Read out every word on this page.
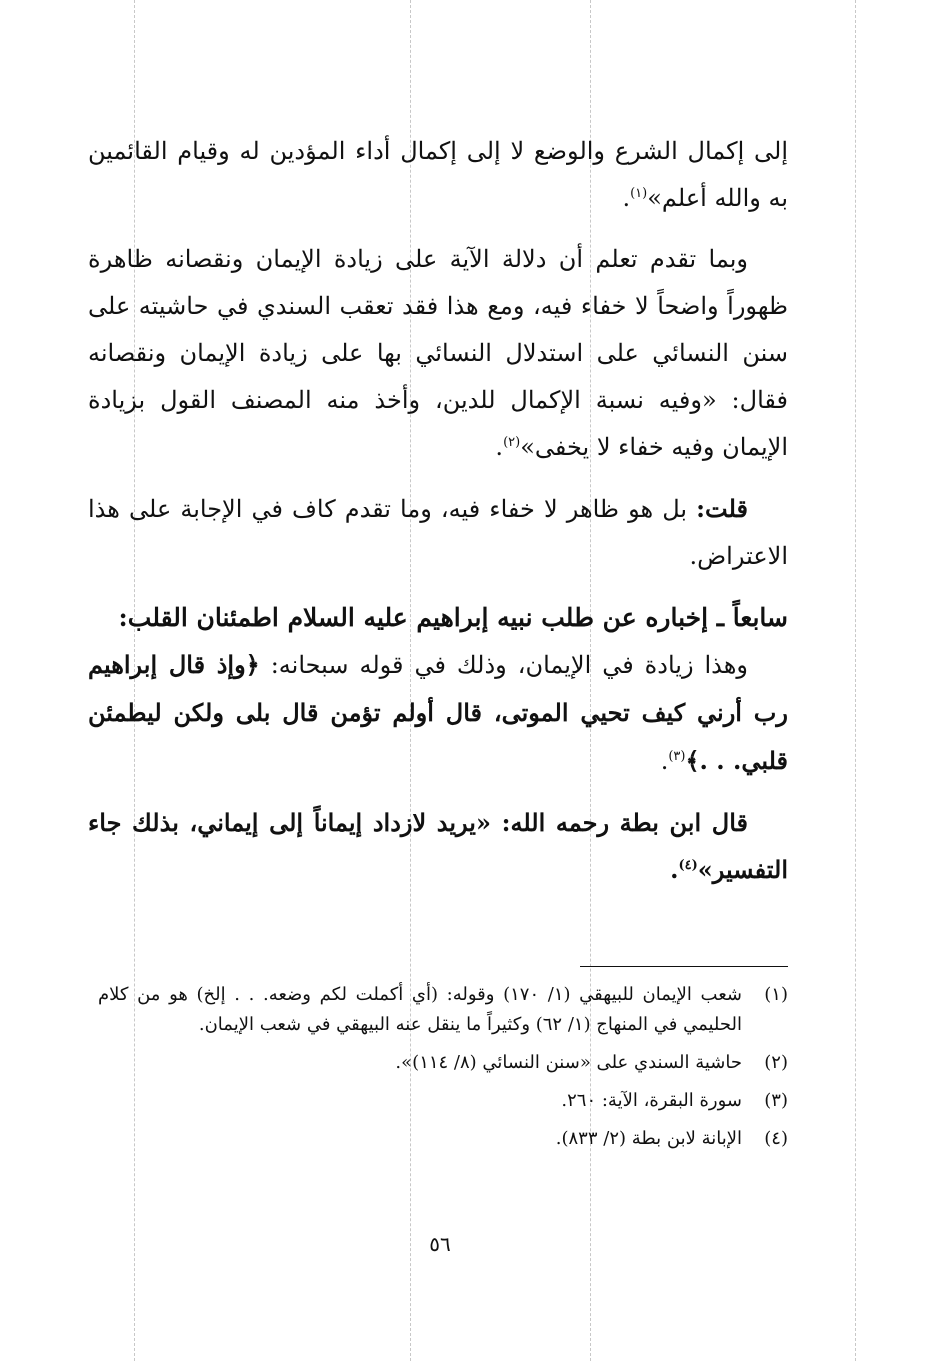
إلى إكمال الشرع والوضع لا إلى إكمال أداء المؤدين له وقيام القائمين به والله أعلم»$^{(١)}$.

وبما تقدم تعلم أن دلالة الآية على زيادة الإيمان ونقصانه ظاهرة ظهوراً واضحاً لا خفاء فيه، ومع هذا فقد تعقب السندي في حاشيته على سنن النسائي على استدلال النسائي بها على زيادة الإيمان ونقصانه فقال: «وفيه نسبة الإكمال للدين، وأخذ منه المصنف القول بزيادة الإيمان وفيه خفاء لا يخفى»$^{(٢)}$.

قلت: بل هو ظاهر لا خفاء فيه، وما تقدم كاف في الإجابة على هذا الاعتراض.

سابعاً ـ إخباره عن طلب نبيه إبراهيم عليه السلام اطمئنان القلب:

وهذا زيادة في الإيمان، وذلك في قوله سبحانه: ﴿وإذ قال إبراهيم رب أرني كيف تحيي الموتى، قال أولم تؤمن قال بلى ولكن ليطمئن قلبي. . .﴾$^{(٣)}$.

قال ابن بطة رحمه الله: «يريد لازداد إيماناً إلى إيماني، بذلك جاء التفسير»$^{(٤)}$.

(١)
شعب الإيمان للبيهقي (١/ ١٧٠) وقوله: (أي أكملت لكم وضعه. . . إلخ) هو من كلام الحليمي في المنهاج (١/ ٦٢) وكثيراً ما ينقل عنه البيهقي في شعب الإيمان.
(٢)
حاشية السندي على «سنن النسائي (٨/ ١١٤)».
(٣)
سورة البقرة، الآية: ٢٦٠.
(٤)
الإبانة لابن بطة (٢/ ٨٣٣).
٥٦
